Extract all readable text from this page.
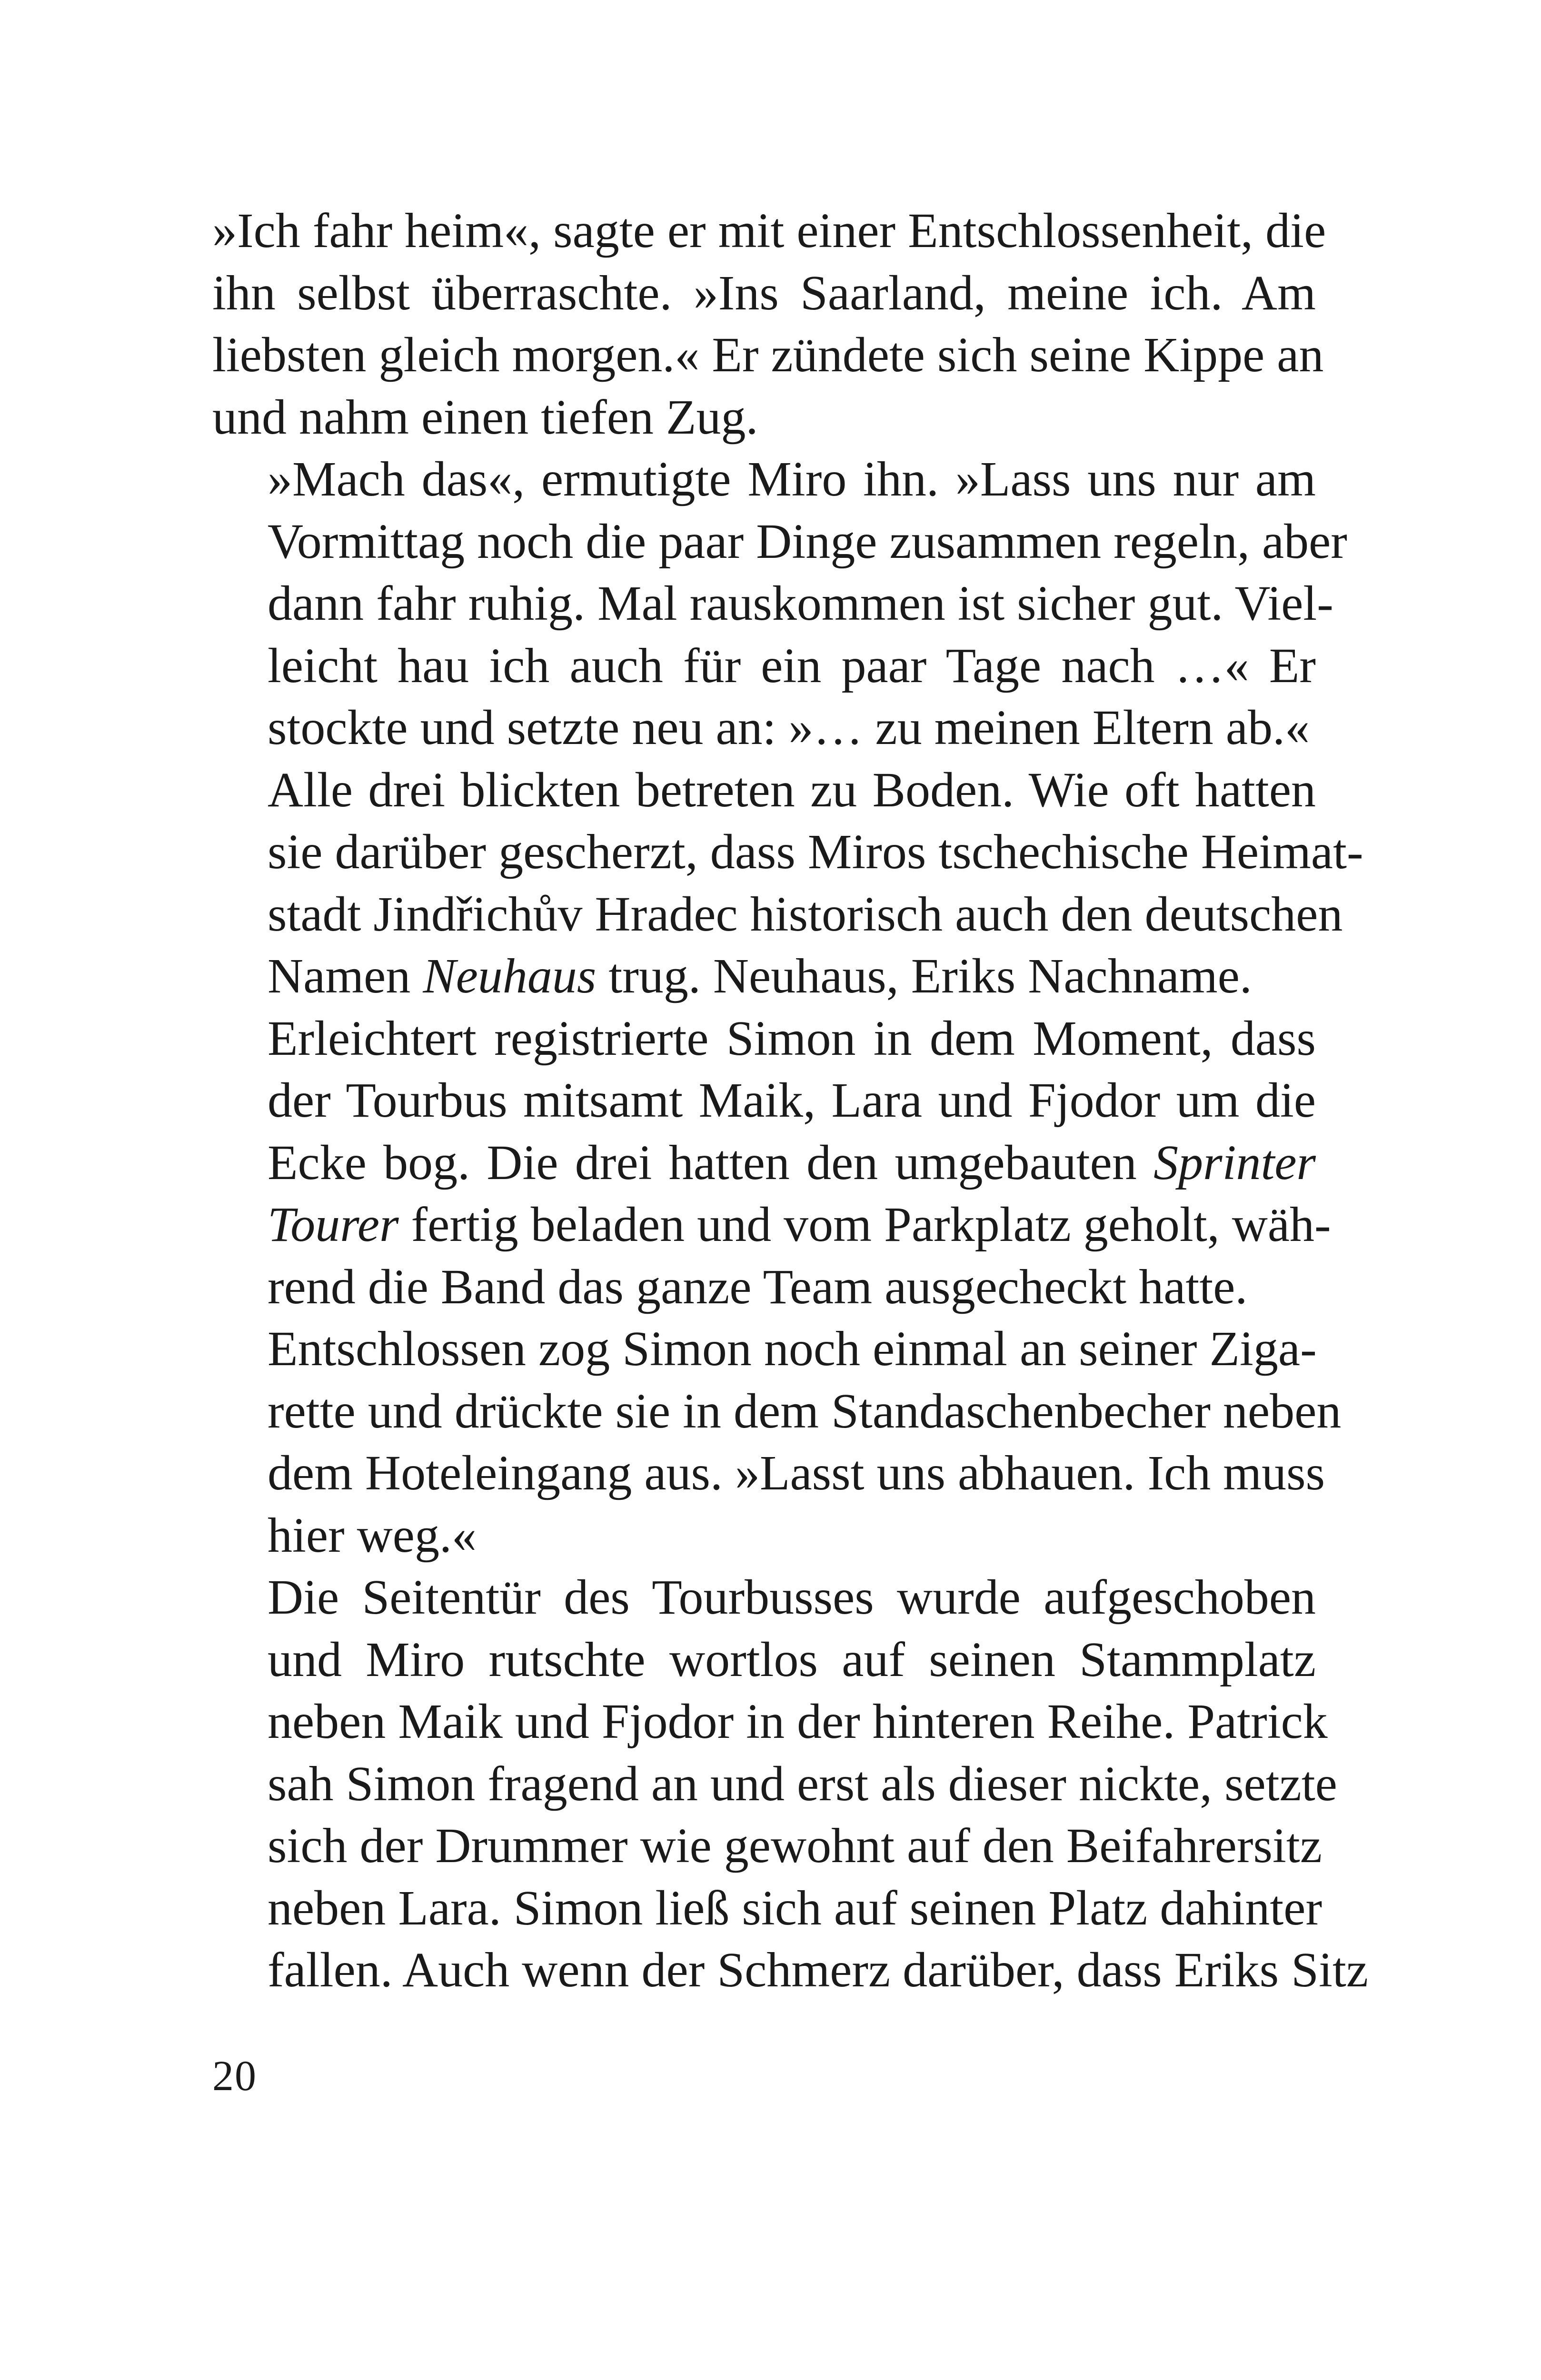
»Ich fahr heim«, sagte er mit einer Entschlossenheit, die
ihn selbst überraschte. »Ins Saarland, meine ich. Am
liebsten gleich morgen.« Er zündete sich seine Kippe an
und nahm einen tiefen Zug.

»Mach das«, ermutigte Miro ihn. »Lass uns nur am
Vormittag noch die paar Dinge zusammen regeln, aber
dann fahr ruhig. Mal rauskommen ist sicher gut. Viel-
leicht hau ich auch für ein paar Tage nach …« Er
stockte und setzte neu an: »… zu meinen Eltern ab.«

Alle drei blickten betreten zu Boden. Wie oft hatten
sie darüber gescherzt, dass Miros tschechische Heimat-
stadt Jindřichův Hradec historisch auch den deutschen
Namen Neuhaus trug. Neuhaus, Eriks Nachname.

Erleichtert registrierte Simon in dem Moment, dass
der Tourbus mitsamt Maik, Lara und Fjodor um die
Ecke bog. Die drei hatten den umgebauten Sprinter
Tourer fertig beladen und vom Parkplatz geholt, wäh-
rend die Band das ganze Team ausgecheckt hatte.

Entschlossen zog Simon noch einmal an seiner Ziga-
rette und drückte sie in dem Standaschenbecher neben
dem Hoteleingang aus. »Lasst uns abhauen. Ich muss
hier weg.«

Die Seitentür des Tourbusses wurde aufgeschoben
und Miro rutschte wortlos auf seinen Stammplatz
neben Maik und Fjodor in der hinteren Reihe. Patrick
sah Simon fragend an und erst als dieser nickte, setzte
sich der Drummer wie gewohnt auf den Beifahrersitz
neben Lara. Simon ließ sich auf seinen Platz dahinter
fallen. Auch wenn der Schmerz darüber, dass Eriks Sitz

20
